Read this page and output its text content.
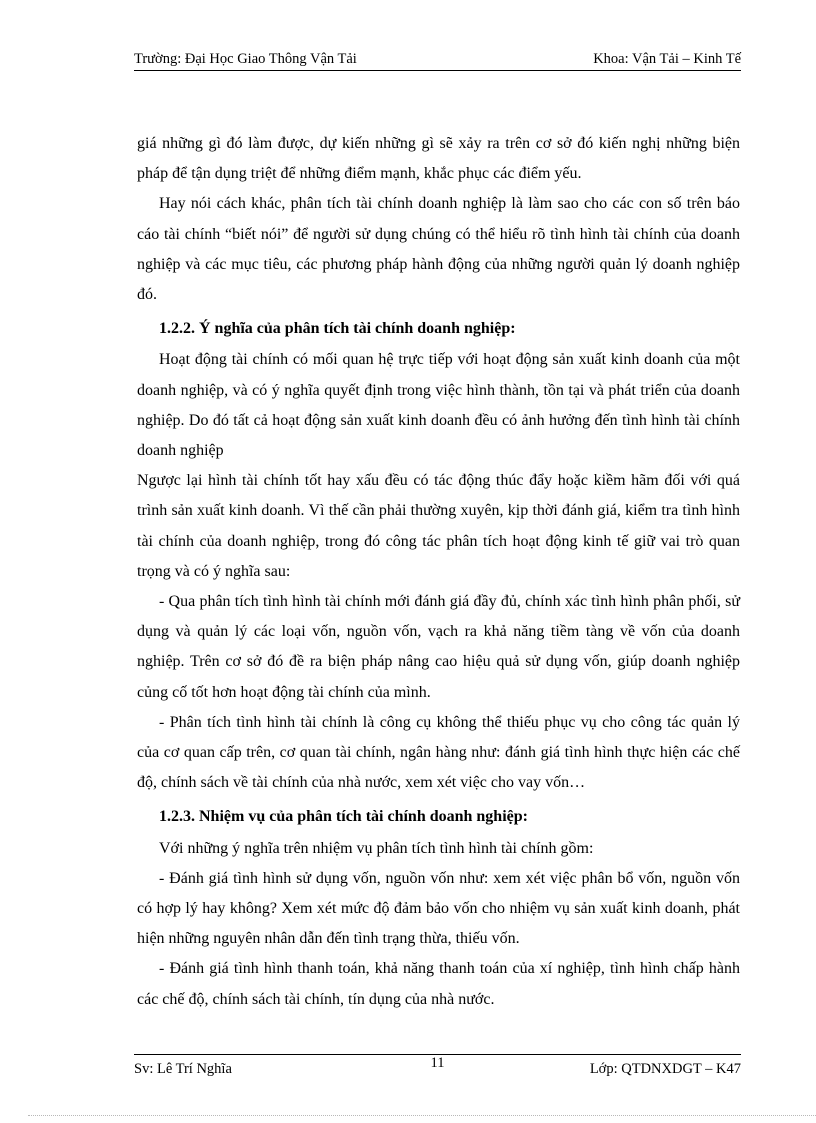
Trường: Đại Học Giao Thông Vận Tải	Khoa: Vận Tải – Kinh Tế

giá những gì đó làm được, dự kiến những gì sẽ xảy ra trên cơ sở đó kiến nghị những biện pháp để tận dụng triệt để những điểm mạnh, khắc phục các điểm yếu.

Hay nói cách khác, phân tích tài chính doanh nghiệp là làm sao cho các con số trên báo cáo tài chính “biết nói” để người sử dụng chúng có thể hiểu rõ tình hình tài chính của doanh nghiệp và các mục tiêu, các phương pháp hành động của những người quản lý doanh nghiệp đó.

1.2.2. Ý nghĩa của phân tích tài chính doanh nghiệp:

Hoạt động tài chính có mối quan hệ trực tiếp với hoạt động sản xuất kinh doanh của một doanh nghiệp, và có ý nghĩa quyết định trong việc hình thành, tồn tại và phát triển của doanh nghiệp. Do đó tất cả hoạt động sản xuất kinh doanh đều có ảnh hưởng đến tình hình tài chính doanh nghiệp

Ngược lại hình tài chính tốt hay xấu đều có tác động thúc đẩy hoặc kiềm hãm đối với quá trình sản xuất kinh doanh. Vì thế cần phải thường xuyên, kịp thời đánh giá, kiểm tra tình hình tài chính của doanh nghiệp, trong đó công tác phân tích hoạt động kinh tế giữ vai trò quan trọng và có ý nghĩa sau:

- Qua phân tích tình hình tài chính mới đánh giá đầy đủ, chính xác tình hình phân phối, sử dụng và quản lý các loại vốn, nguồn vốn, vạch ra khả năng tiềm tàng về vốn của doanh nghiệp. Trên cơ sở đó đề ra biện pháp nâng cao hiệu quả sử dụng vốn, giúp doanh nghiệp củng cố tốt hơn hoạt động tài chính của mình.

- Phân tích tình hình tài chính là công cụ không thể thiếu phục vụ cho công tác quản lý của cơ quan cấp trên, cơ quan tài chính, ngân hàng như: đánh giá tình hình thực hiện các chế độ, chính sách về tài chính của nhà nước, xem xét việc cho vay vốn…

1.2.3. Nhiệm vụ của phân tích tài chính doanh nghiệp:

Với những ý nghĩa trên nhiệm vụ phân tích tình hình tài chính gồm:

- Đánh giá tình hình sử dụng vốn, nguồn vốn như: xem xét việc phân bổ vốn, nguồn vốn có hợp lý hay không? Xem xét mức độ đảm bảo vốn cho nhiệm vụ sản xuất kinh doanh, phát hiện những nguyên nhân dẫn đến tình trạng thừa, thiếu vốn.

- Đánh giá tình hình thanh toán, khả năng thanh toán của xí nghiệp, tình hình chấp hành các chế độ, chính sách tài chính, tín dụng của nhà nước.

Sv: Lê Trí Nghĩa	11	Lớp: QTDNXDGT – K47
